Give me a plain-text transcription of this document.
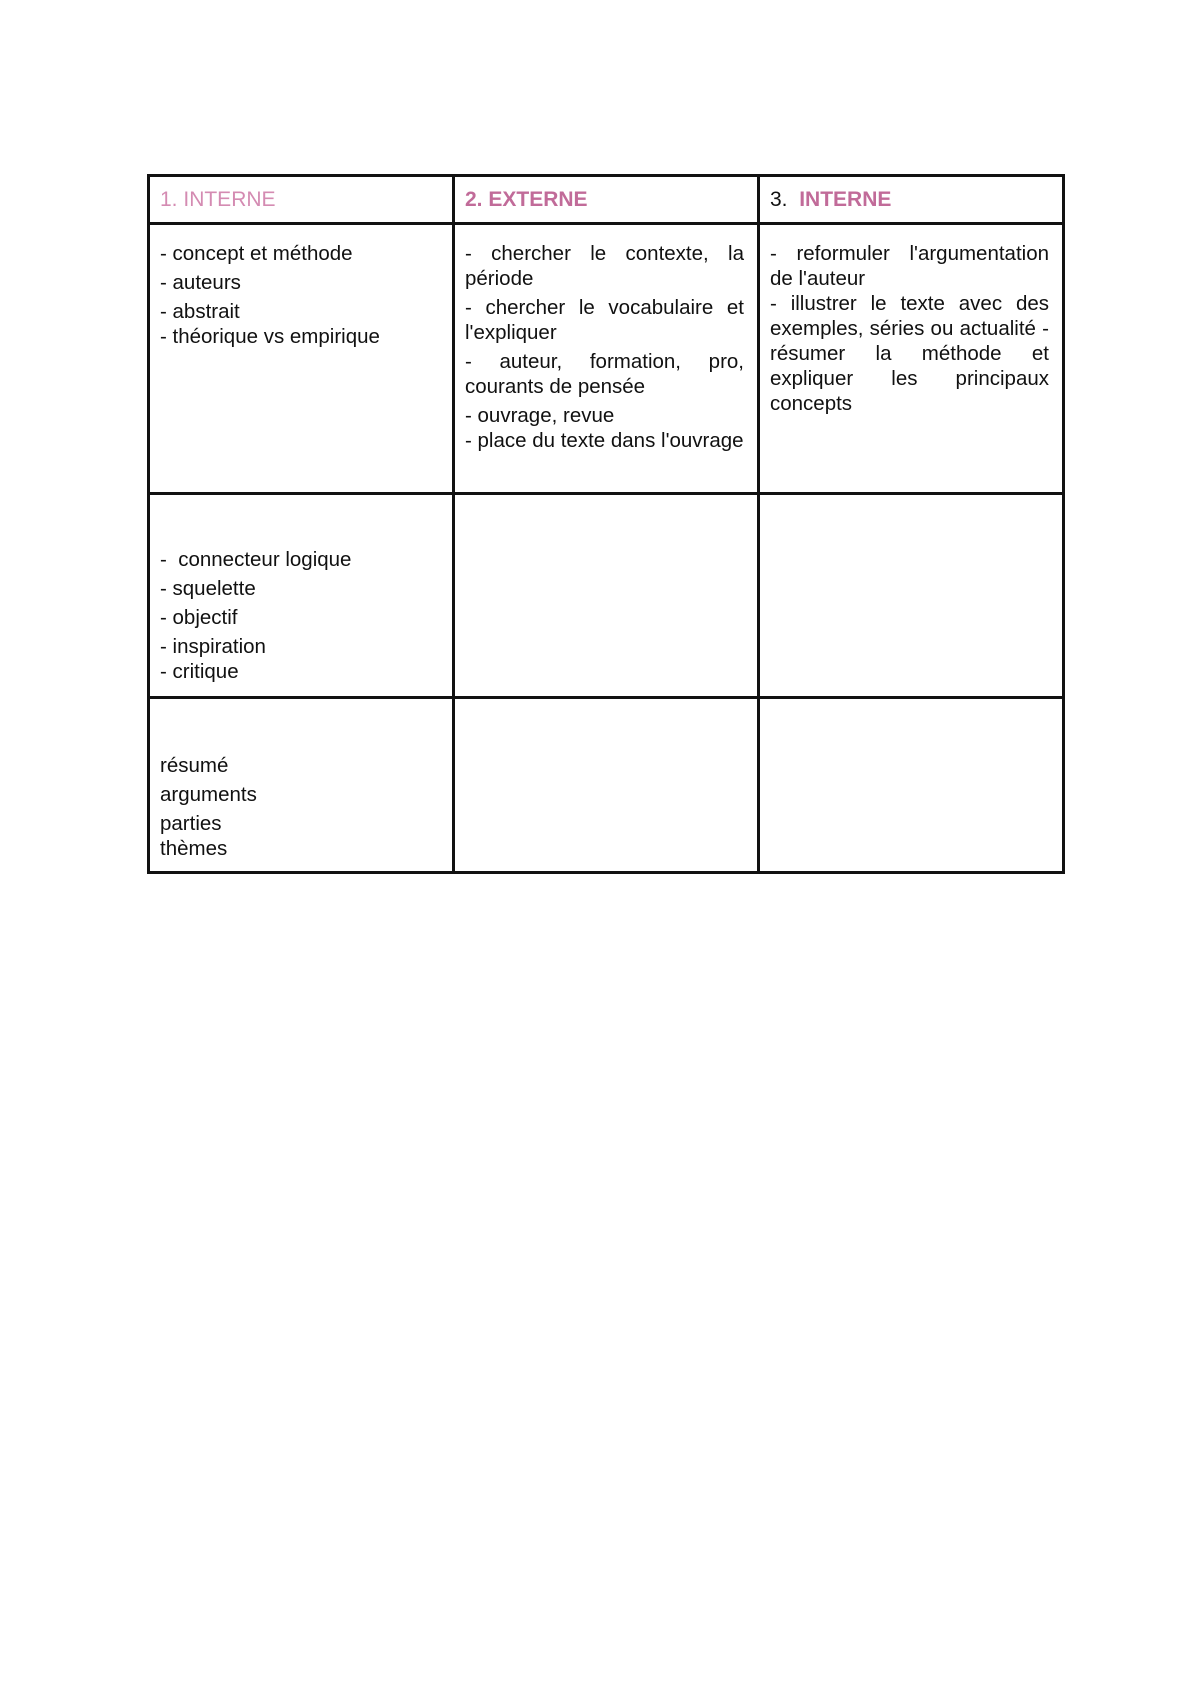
1. INTERNE	2. EXTERNE	3. INTERNE

- concept et méthode
- auteurs
- abstrait
- théorique vs empirique	- chercher le contexte, la période
- chercher le vocabulaire et l'expliquer
- auteur, formation, pro, courants de pensée
- ouvrage, revue
- place du texte dans l'ouvrage	- reformuler l'argumentation de l'auteur
- illustrer le texte avec des exemples, séries ou actualité - résumer la méthode et expliquer les principaux concepts

-  connecteur logique
- squelette
- objectif
- inspiration
- critique		

résumé
arguments
parties
thèmes		
